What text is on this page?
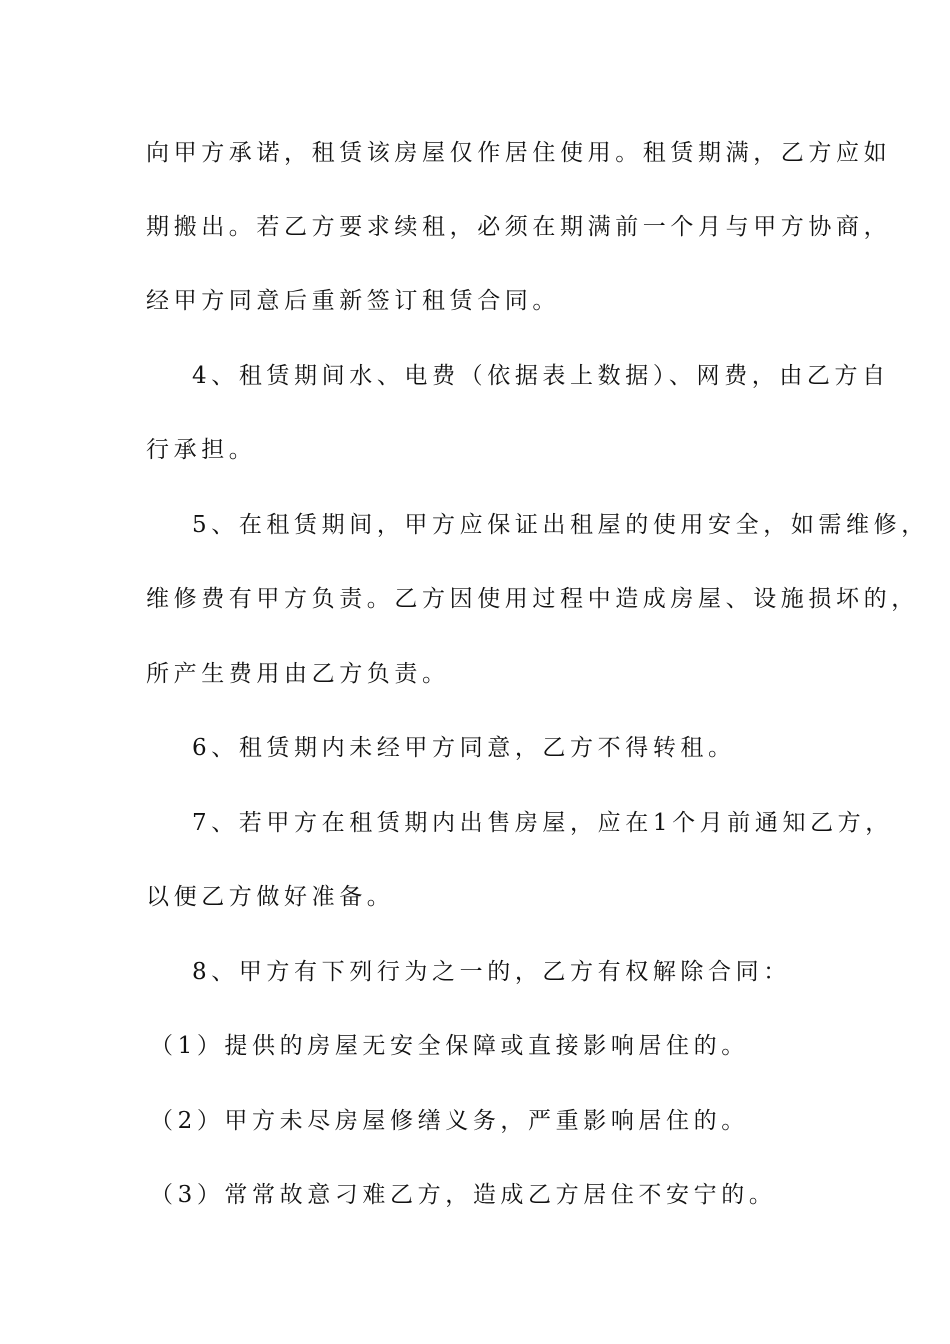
向甲方承诺，租赁该房屋仅作居住使用。租赁期满，乙方应如
期搬出。若乙方要求续租，必须在期满前一个月与甲方协商，
经甲方同意后重新签订租赁合同。
4、租赁期间水、电费（依据表上数据）、网费，由乙方自
行承担。
5、在租赁期间，甲方应保证出租屋的使用安全，如需维修，
维修费有甲方负责。乙方因使用过程中造成房屋、设施损坏的，
所产生费用由乙方负责。
6、租赁期内未经甲方同意，乙方不得转租。
7、若甲方在租赁期内出售房屋，应在1个月前通知乙方，
以便乙方做好准备。
8、甲方有下列行为之一的，乙方有权解除合同：
（1）提供的房屋无安全保障或直接影响居住的。
（2）甲方未尽房屋修缮义务，严重影响居住的。
（3）常常故意刁难乙方，造成乙方居住不安宁的。
